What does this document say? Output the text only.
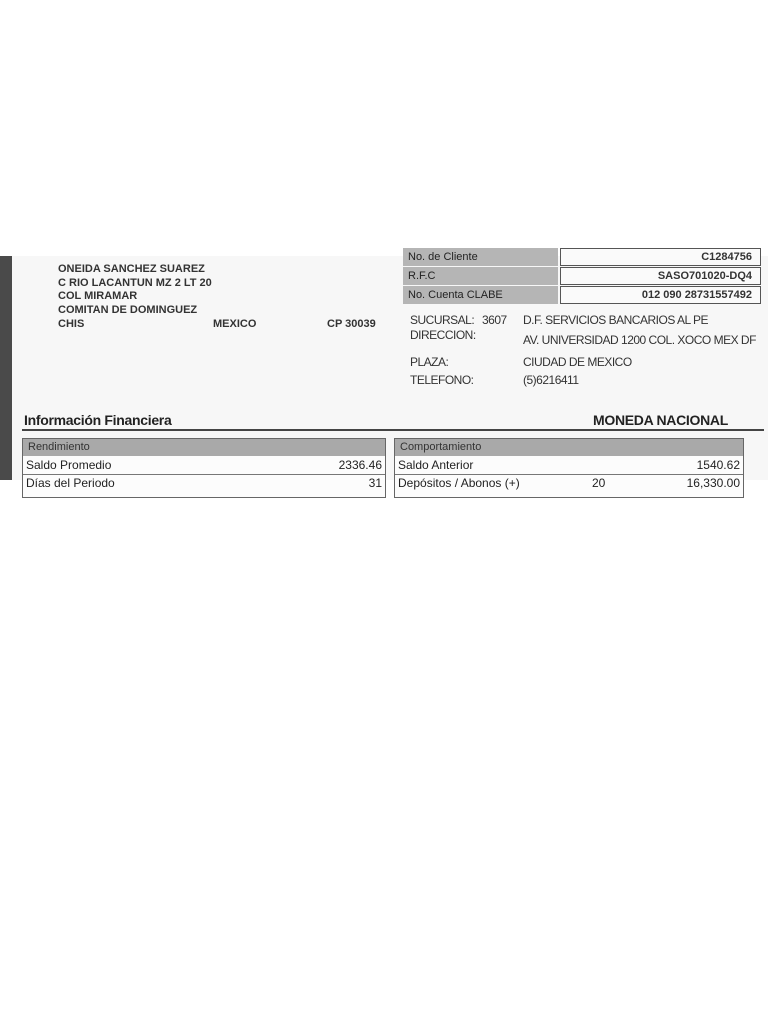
ONEIDA SANCHEZ SUAREZ
C RIO LACANTUN MZ 2 LT 20
COL MIRAMAR
COMITAN DE DOMINGUEZ
CHIS	MEXICO	CP 30039
No. de Cliente	C1284756
R.F.C	SASO701020-DQ4
No. Cuenta CLABE	012 090 28731557492
SUCURSAL: 3607 D.F. SERVICIOS BANCARIOS AL PE
DIRECCION:	AV. UNIVERSIDAD 1200 COL. XOCO MEX DF
PLAZA:	CIUDAD DE MEXICO
TELEFONO:	(5)6216411
Información Financiera	MONEDA NACIONAL
Rendimiento
Saldo Promedio	2336.46
Días del Periodo	31
Comportamiento
Saldo Anterior	1540.62
Depósitos / Abonos (+)	20	16,330.00
